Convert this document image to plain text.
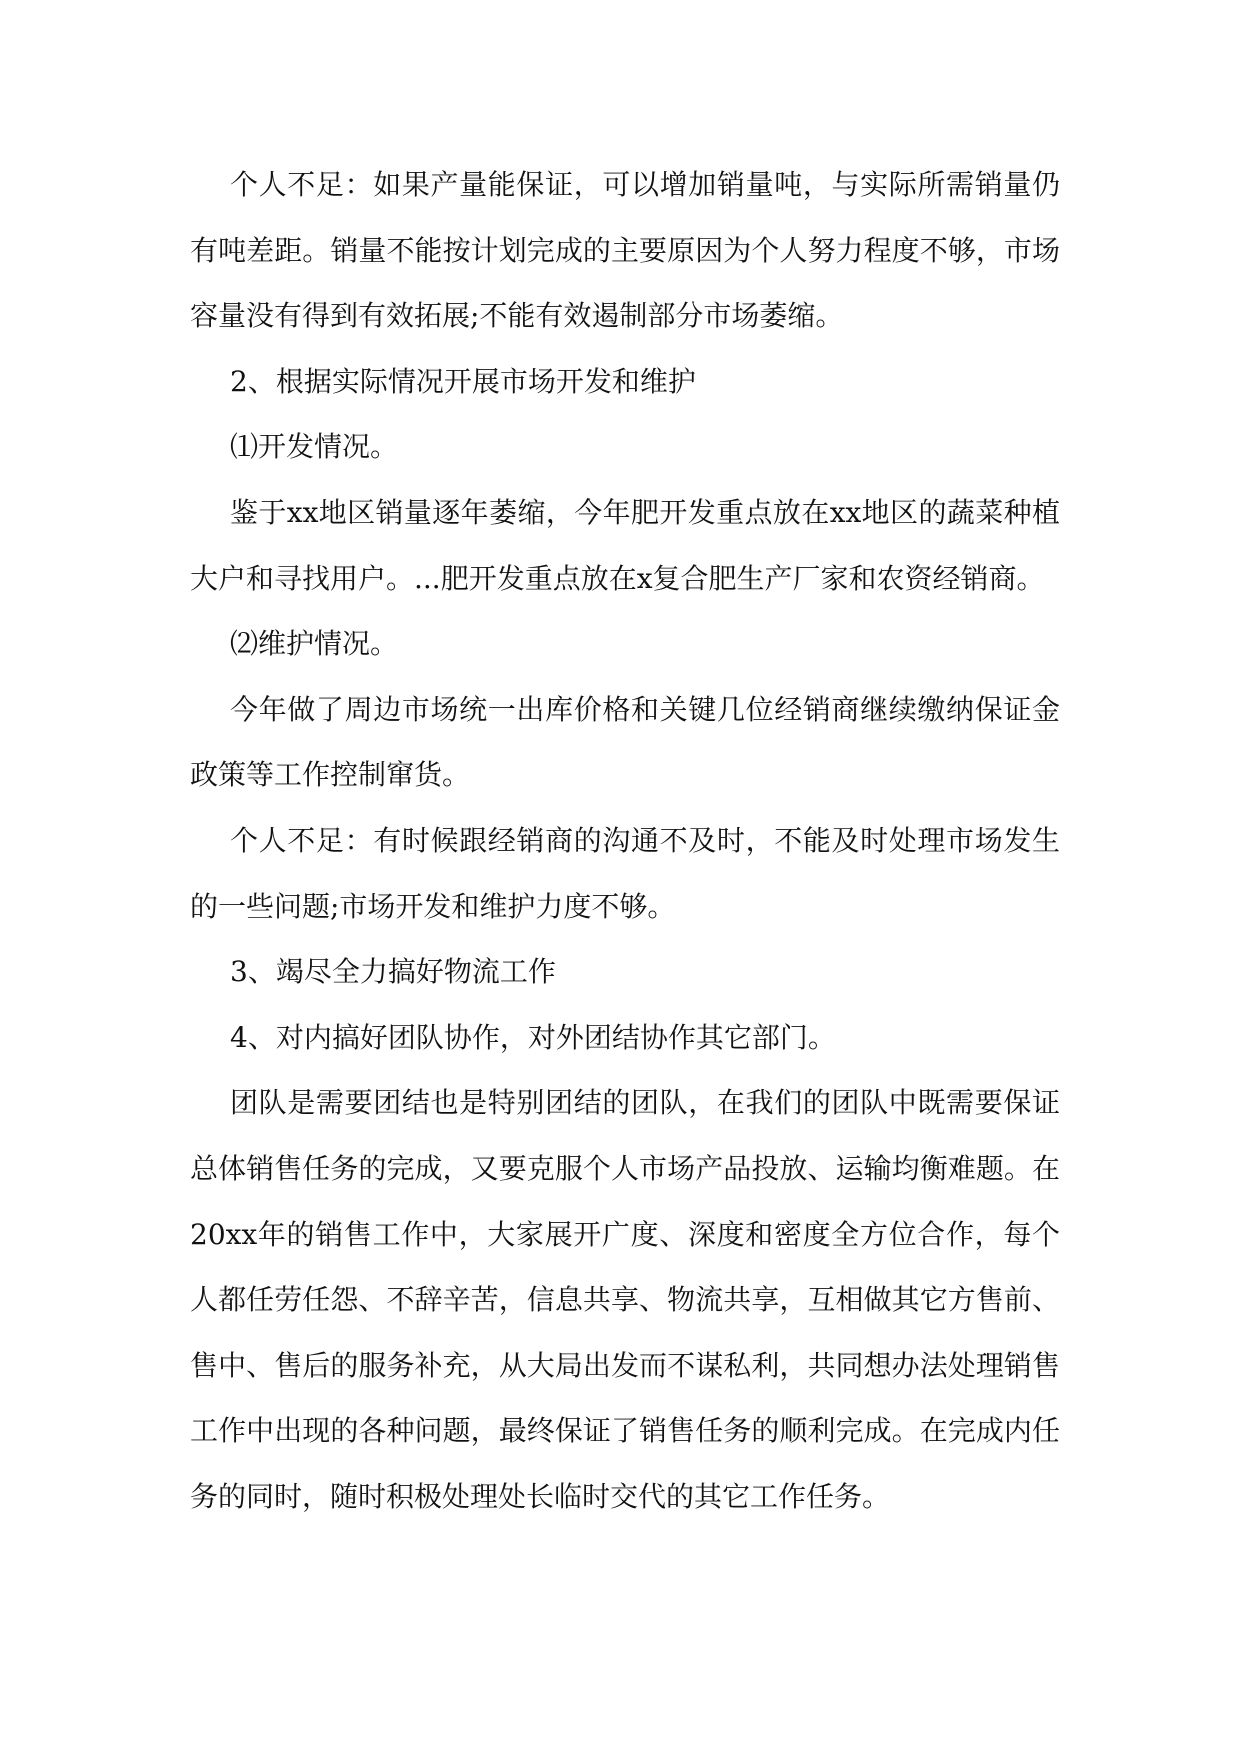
个人不足：如果产量能保证，可以增加销量吨，与实际所需销量仍有吨差距。销量不能按计划完成的主要原因为个人努力程度不够，市场容量没有得到有效拓展;不能有效遏制部分市场萎缩。

2、根据实际情况开展市场开发和维护

⑴开发情况。

鉴于xx地区销量逐年萎缩，今年肥开发重点放在xx地区的蔬菜种植大户和寻找用户。...肥开发重点放在x复合肥生产厂家和农资经销商。

⑵维护情况。

今年做了周边市场统一出库价格和关键几位经销商继续缴纳保证金政策等工作控制窜货。

个人不足：有时候跟经销商的沟通不及时，不能及时处理市场发生的一些问题;市场开发和维护力度不够。

3、竭尽全力搞好物流工作

4、对内搞好团队协作，对外团结协作其它部门。

团队是需要团结也是特别团结的团队，在我们的团队中既需要保证总体销售任务的完成，又要克服个人市场产品投放、运输均衡难题。在20xx年的销售工作中，大家展开广度、深度和密度全方位合作，每个人都任劳任怨、不辞辛苦，信息共享、物流共享，互相做其它方售前、售中、售后的服务补充，从大局出发而不谋私利，共同想办法处理销售工作中出现的各种问题，最终保证了销售任务的顺利完成。在完成内任务的同时，随时积极处理处长临时交代的其它工作任务。
